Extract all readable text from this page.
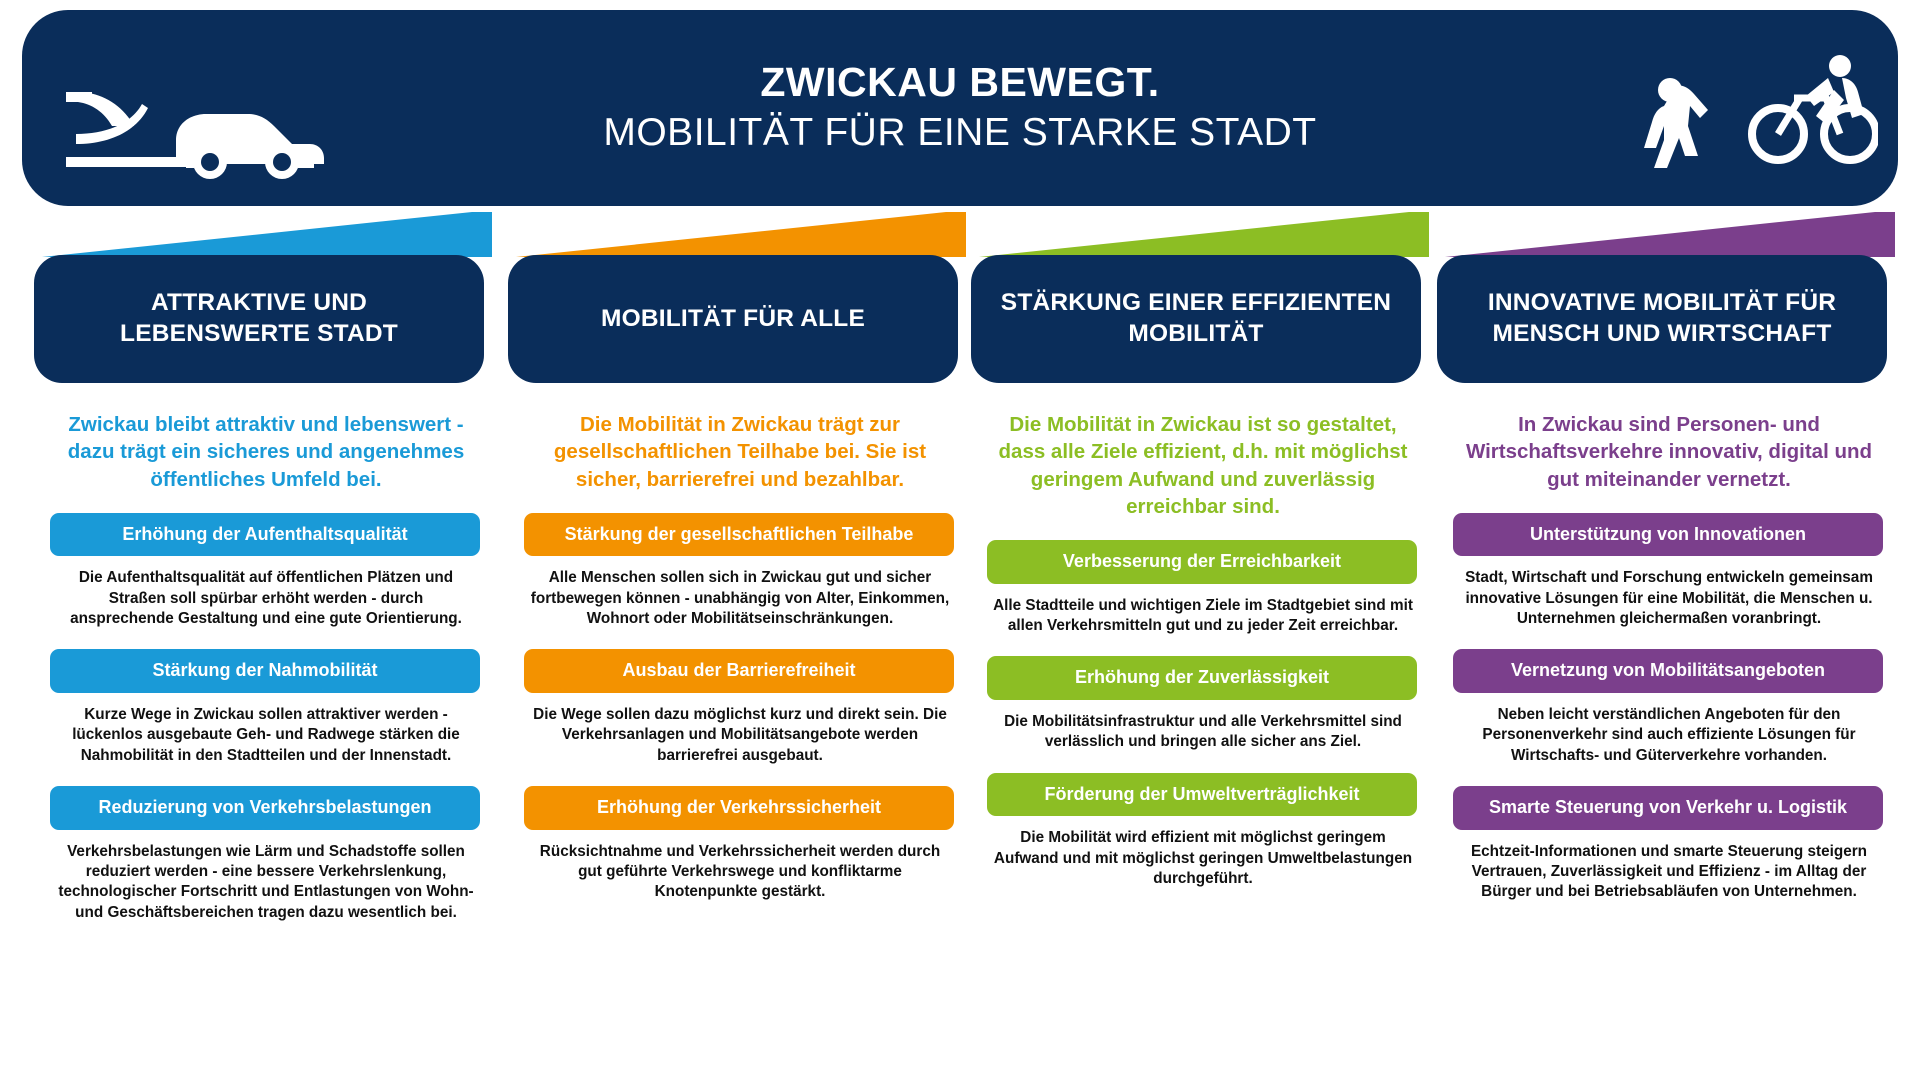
ZWICKAU BEWEGT.
MOBILITÄT FÜR EINE STARKE STADT
ATTRAKTIVE UND LEBENSWERTE STADT
Zwickau bleibt attraktiv und lebenswert - dazu trägt ein sicheres und angenehmes öffentliches Umfeld bei.
Erhöhung der Aufenthaltsqualität
Die Aufenthaltsqualität auf öffentlichen Plätzen und Straßen soll spürbar erhöht werden - durch ansprechende Gestaltung und eine gute Orientierung.
Stärkung der Nahmobilität
Kurze Wege in Zwickau sollen attraktiver werden - lückenlos ausgebaute Geh- und Radwege stärken die Nahmobilität in den Stadtteilen und der Innenstadt.
Reduzierung von Verkehrsbelastungen
Verkehrsbelastungen wie Lärm und Schadstoffe sollen reduziert werden - eine bessere Verkehrslenkung, technologischer Fortschritt und Entlastungen von Wohn- und Geschäftsbereichen tragen dazu wesentlich bei.
MOBILITÄT FÜR ALLE
Die Mobilität in Zwickau trägt zur gesellschaftlichen Teilhabe bei. Sie ist sicher, barrierefrei und bezahlbar.
Stärkung der gesellschaftlichen Teilhabe
Alle Menschen sollen sich in Zwickau gut und sicher fortbewegen können - unabhängig von Alter, Einkommen, Wohnort oder Mobilitätseinschränkungen.
Ausbau der Barrierefreiheit
Die Wege sollen dazu möglichst kurz und direkt sein. Die Verkehrsanlagen und Mobilitätsangebote werden barrierefrei ausgebaut.
Erhöhung der Verkehrssicherheit
Rücksichtnahme und Verkehrssicherheit werden durch gut geführte Verkehrswege und konfliktarme Knotenpunkte gestärkt.
STÄRKUNG EINER EFFIZIENTEN MOBILITÄT
Die Mobilität in Zwickau ist so gestaltet, dass alle Ziele effizient, d.h. mit möglichst geringem Aufwand und zuverlässig erreichbar sind.
Verbesserung der Erreichbarkeit
Alle Stadtteile und wichtigen Ziele im Stadtgebiet sind mit allen Verkehrsmitteln gut und zu jeder Zeit erreichbar.
Erhöhung der Zuverlässigkeit
Die Mobilitätsinfrastruktur und alle Verkehrsmittel sind verlässlich und bringen alle sicher ans Ziel.
Förderung der Umweltverträglichkeit
Die Mobilität wird effizient mit möglichst geringem Aufwand und mit möglichst geringen Umweltbelastungen durchgeführt.
INNOVATIVE MOBILITÄT FÜR MENSCH UND WIRTSCHAFT
In Zwickau sind Personen- und Wirtschaftsverkehre innovativ, digital und gut miteinander vernetzt.
Unterstützung von Innovationen
Stadt, Wirtschaft und Forschung entwickeln gemeinsam innovative Lösungen für eine Mobilität, die Menschen u. Unternehmen gleichermaßen voranbringt.
Vernetzung von Mobilitätsangeboten
Neben leicht verständlichen Angeboten für den Personenverkehr sind auch effiziente Lösungen für Wirtschafts- und Güterverkehre vorhanden.
Smarte Steuerung von Verkehr u. Logistik
Echtzeit-Informationen und smarte Steuerung steigern Vertrauen, Zuverlässigkeit und Effizienz - im Alltag der Bürger und bei Betriebsabläufen von Unternehmen.
